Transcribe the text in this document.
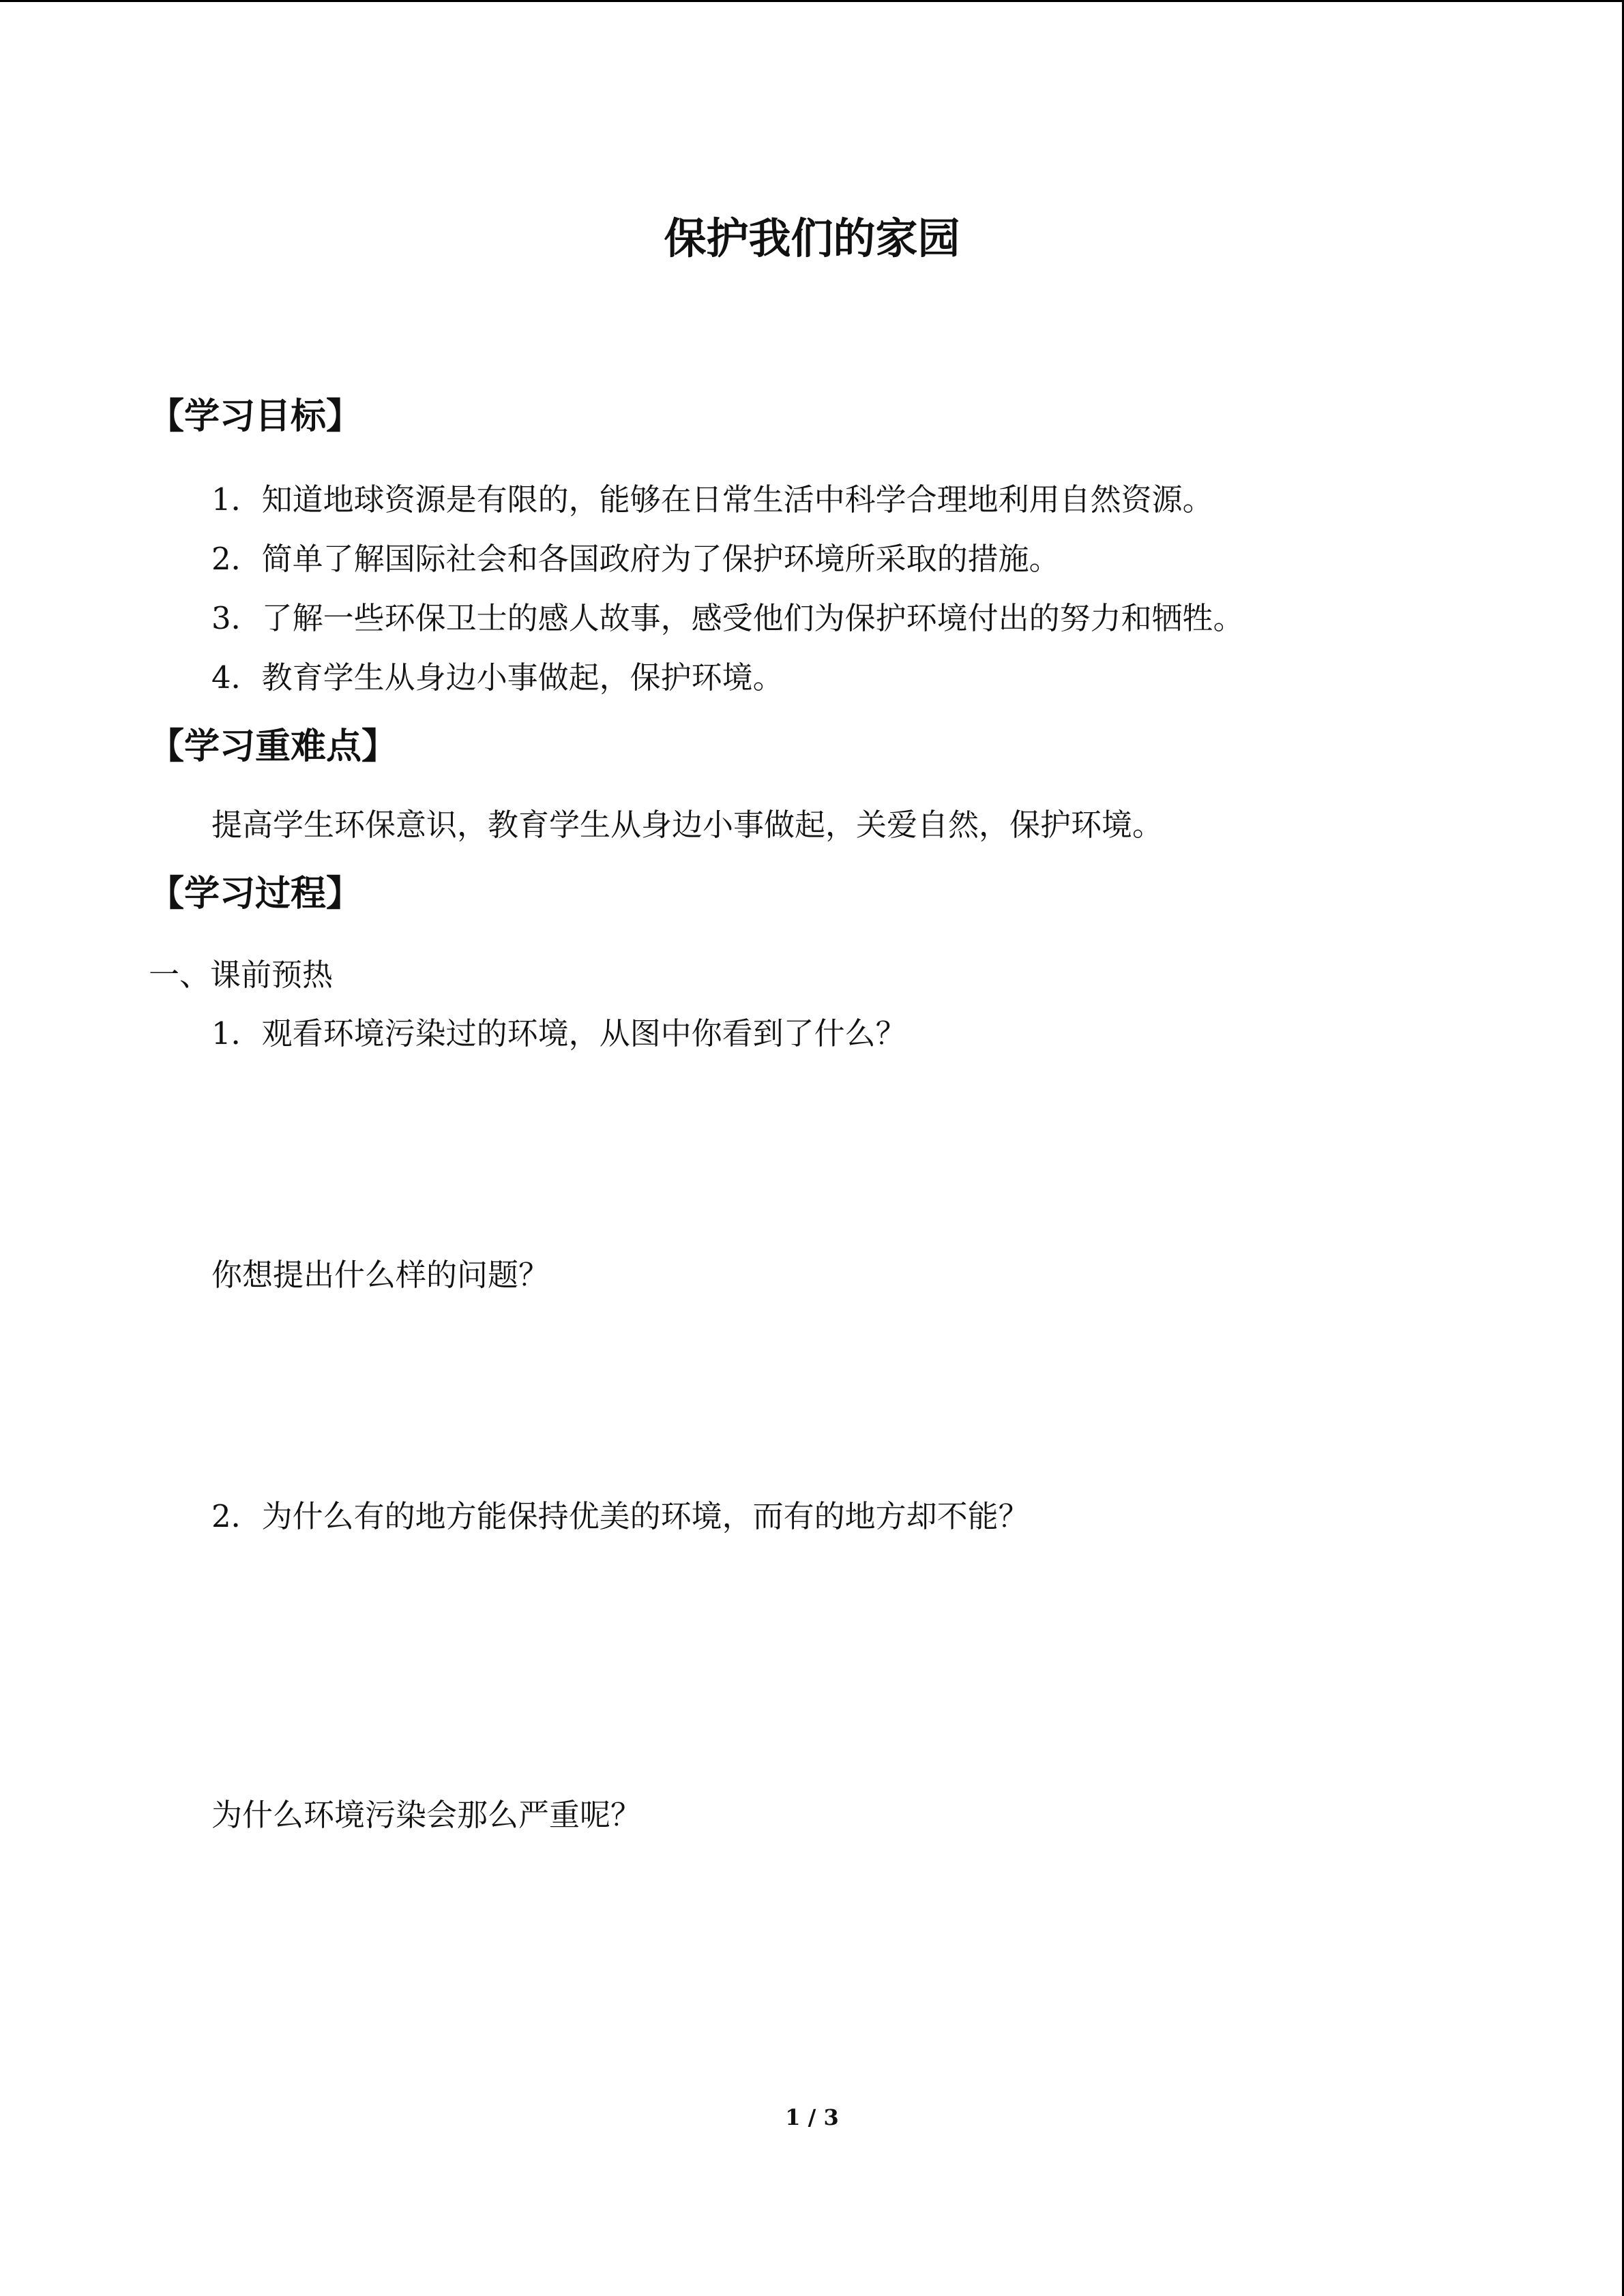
保护我们的家园
【学习目标】
1．知道地球资源是有限的，能够在日常生活中科学合理地利用自然资源。
2．简单了解国际社会和各国政府为了保护环境所采取的措施。
3．了解一些环保卫士的感人故事，感受他们为保护环境付出的努力和牺牲。
4．教育学生从身边小事做起，保护环境。
【学习重难点】
提高学生环保意识，教育学生从身边小事做起，关爱自然，保护环境。
【学习过程】
一、课前预热
1．观看环境污染过的环境，从图中你看到了什么？
你想提出什么样的问题？
2．为什么有的地方能保持优美的环境，而有的地方却不能？
为什么环境污染会那么严重呢？
1 / 3
